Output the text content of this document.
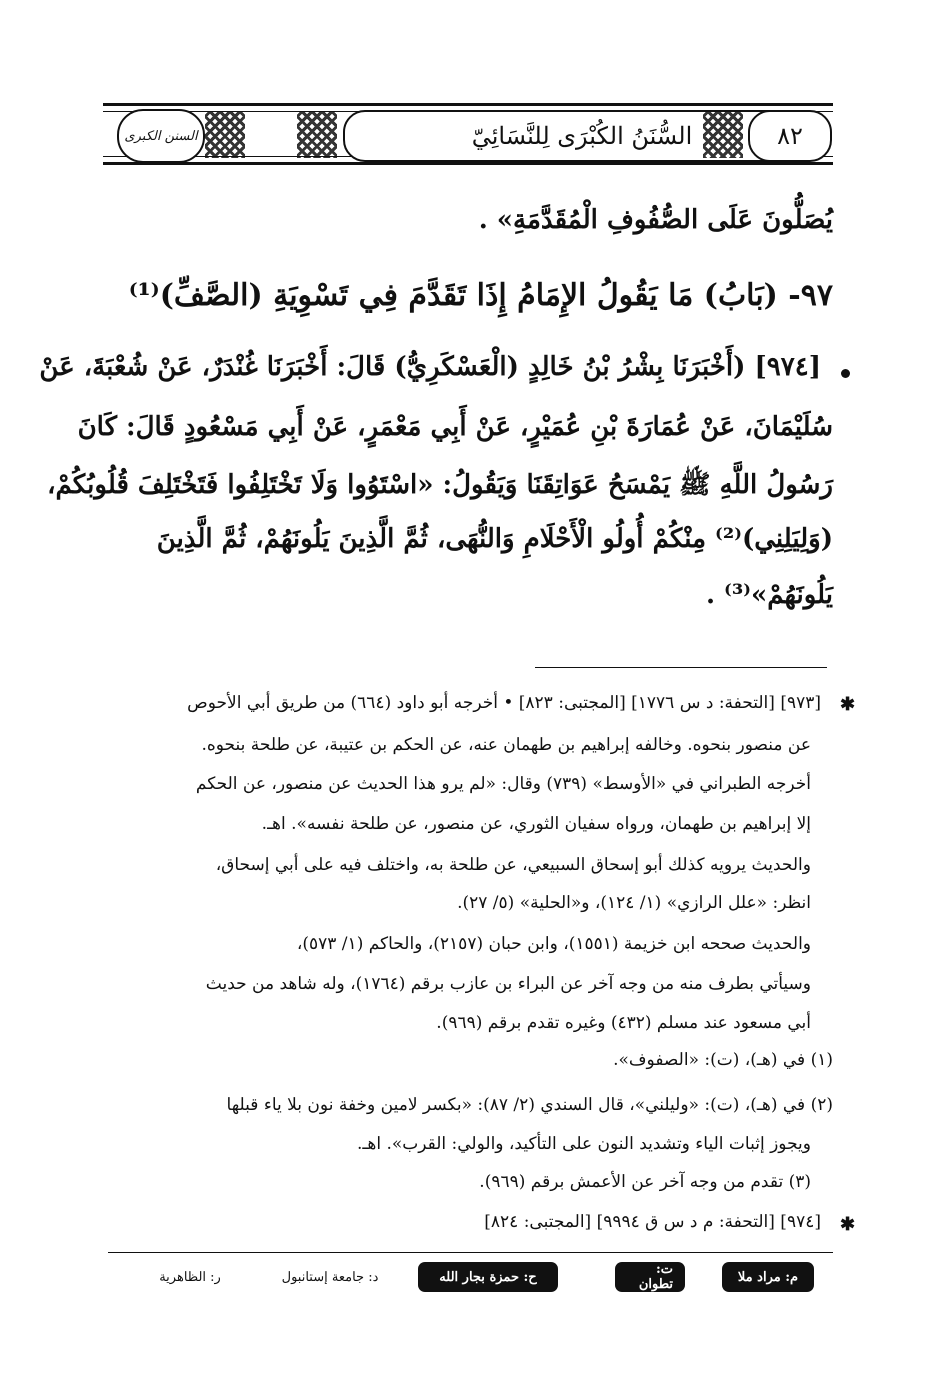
السُّنَنُ الكُبْرَى لِلنَّسَائِيّ	٨٢
السنن الكبرى
يُصَلُّونَ عَلَى الصُّفُوفِ الْمُقَدَّمَةِ» .
٩٧- (بَابُ) مَا يَقُولُ الإِمَامُ إِذَا تَقَدَّمَ فِي تَسْوِيَةِ (الصَّفِّ)⁽¹⁾
[٩٧٤] (أَخْبَرَنَا بِشْرُ بْنُ خَالِدٍ (الْعَسْكَرِيُّ) قَالَ: أَخْبَرَنَا غُنْدَرٌ، عَنْ شُعْبَةَ، عَنْ
سُلَيْمَانَ، عَنْ عُمَارَةَ بْنِ عُمَيْرٍ، عَنْ أَبِي مَعْمَرٍ، عَنْ أَبِي مَسْعُودٍ قَالَ: كَانَ
رَسُولُ اللَّهِ ﷺ يَمْسَحُ عَوَاتِقَنَا وَيَقُولُ: «اسْتَوُوا وَلَا تَخْتَلِفُوا فَتَخْتَلِفَ قُلُوبُكُمْ،
(وَلِيَلِنِي)⁽²⁾ مِنْكُمْ أُولُو الْأَحْلَامِ وَالنُّهَى، ثُمَّ الَّذِينَ يَلُونَهُمْ، ثُمَّ الَّذِينَ
يَلُونَهُمْ»⁽³⁾ .
✱
[٩٧٣] [التحفة: د س ١٧٧٦] [المجتبى: ٨٢٣] • أخرجه أبو داود (٦٦٤) من طريق أبي الأحوص
عن منصور بنحوه. وخالفه إبراهيم بن طهمان عنه، عن الحكم بن عتيبة، عن طلحة بنحوه.
أخرجه الطبراني في «الأوسط» (٧٣٩) وقال: «لم يرو هذا الحديث عن منصور، عن الحكم
إلا إبراهيم بن طهمان، ورواه سفيان الثوري، عن منصور، عن طلحة نفسه». اهـ.
والحديث يرويه كذلك أبو إسحاق السبيعي، عن طلحة به، واختلف فيه على أبي إسحاق،
انظر: «علل الرازي» (١/ ١٢٤)، و«الحلية» (٥/ ٢٧).
والحديث صححه ابن خزيمة (١٥٥١)، وابن حبان (٢١٥٧)، والحاكم (١/ ٥٧٣)،
وسيأتي بطرف منه من وجه آخر عن البراء بن عازب برقم (١٧٦٤)، وله شاهد من حديث
أبي مسعود عند مسلم (٤٣٢) وغيره تقدم برقم (٩٦٩).
(١) في (هـ)، (ت): «الصفوف».
(٢) في (هـ)، (ت): «وليلني»، قال السندي (٢/ ٨٧): «بكسر لامين وخفة نون بلا ياء قبلها
ويجوز إثبات الياء وتشديد النون على التأكيد، والولي: القرب». اهـ.
(٣) تقدم من وجه آخر عن الأعمش برقم (٩٦٩).
✱
[٩٧٤] [التحفة: م د س ق ٩٩٩٤] [المجتبى: ٨٢٤]
م: مراد ملا
ت: تطوان
ح: حمزة بجار الله
د: جامعة إستانبول
ر: الظاهرية
